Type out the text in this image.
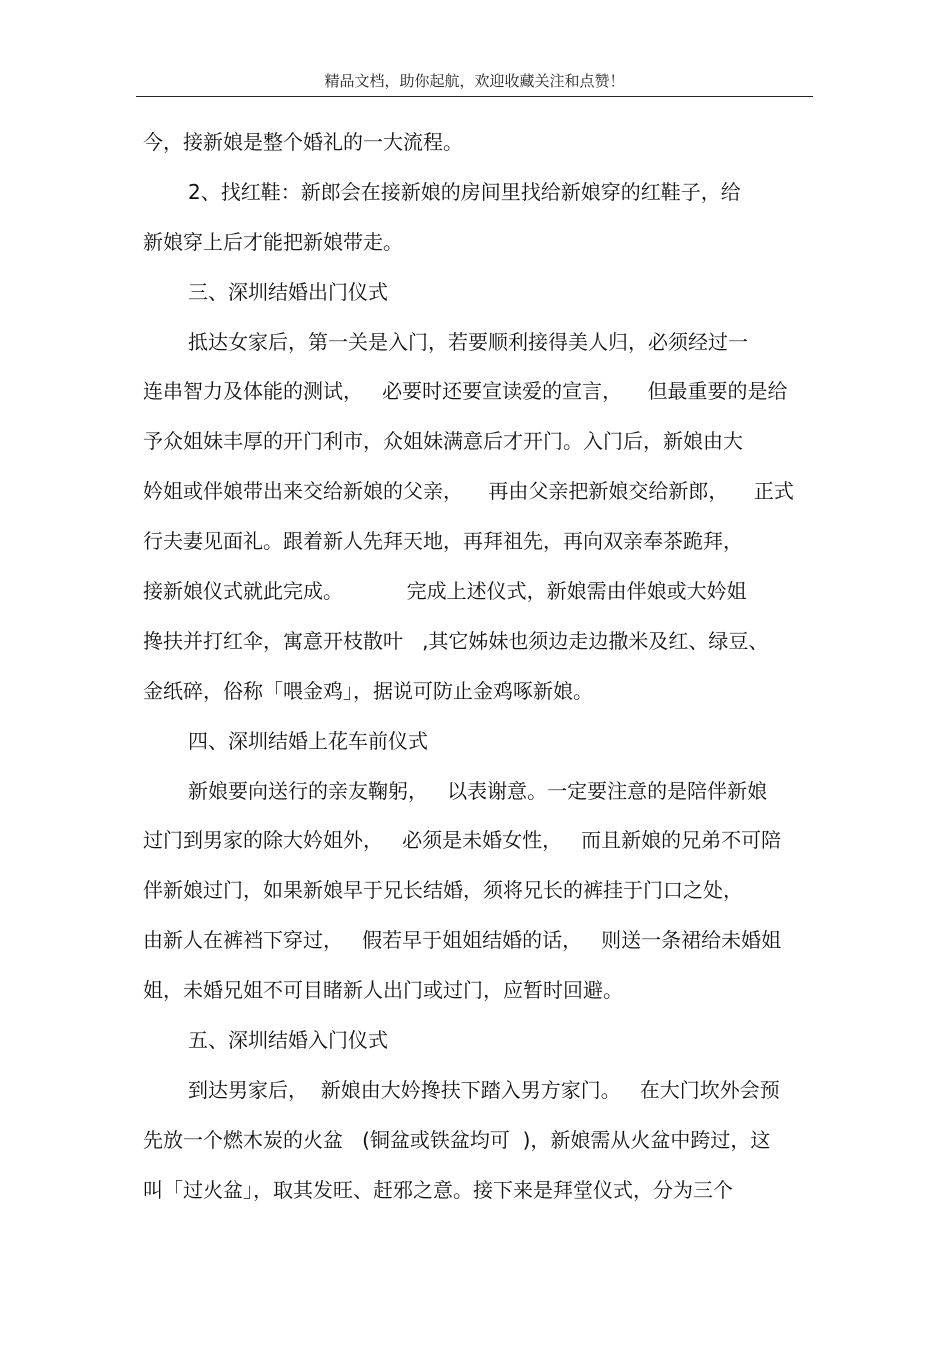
精品文档，助你起航，欢迎收藏关注和点赞！
今，接新娘是整个婚礼的一大流程。
2、找红鞋：新郎会在接新娘的房间里找给新娘穿的红鞋子，给
新娘穿上后才能把新娘带走。
三、深圳结婚出门仪式
抵达女家后，第一关是入门，若要顺利接得美人归，必须经过一
连串智力及体能的测试，   必要时还要宣读爱的宣言，    但最重要的是给
予众姐妹丰厚的开门利市，众姐妹满意后才开门。入门后，新娘由大
妗姐或伴娘带出来交给新娘的父亲，    再由父亲把新娘交给新郎，    正式
行夫妻见面礼。跟着新人先拜天地，再拜祖先，再向双亲奉茶跪拜，
接新娘仪式就此完成。          完成上述仪式，新娘需由伴娘或大妗姐
搀扶并打红伞，寓意开枝散叶   ,其它姊妹也须边走边撒米及红、绿豆、
金纸碎，俗称「喂金鸡」，据说可防止金鸡啄新娘。
四、深圳结婚上花车前仪式
新娘要向送行的亲友鞠躬，   以表谢意。一定要注意的是陪伴新娘
过门到男家的除大妗姐外，   必须是未婚女性，   而且新娘的兄弟不可陪
伴新娘过门，如果新娘早于兄长结婚，须将兄长的裤挂于门口之处，
由新人在裤裆下穿过，   假若早于姐姐结婚的话，   则送一条裙给未婚姐
姐，未婚兄姐不可目睹新人出门或过门，应暂时回避。
五、深圳结婚入门仪式
到达男家后，  新娘由大妗搀扶下踏入男方家门。   在大门坎外会预
先放一个燃木炭的火盆   (铜盆或铁盆均可  )，新娘需从火盆中跨过，这
叫「过火盆」，取其发旺、赶邪之意。接下来是拜堂仪式，分为三个
